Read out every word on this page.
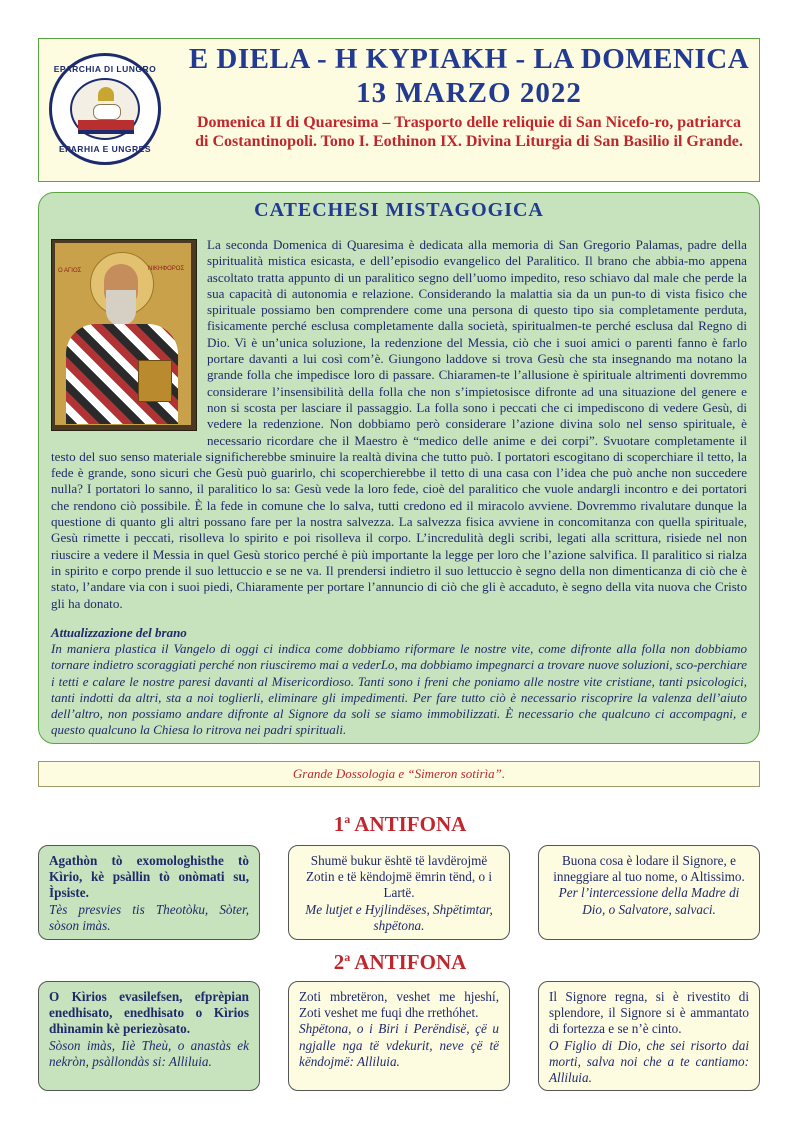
EPARCHIA DI LUNGRO
EPARHIA E UNGRES
E DIELA - Η ΚΥΡΙΑΚΗ - LA DOMENICA
13 MARZO 2022
Domenica II di Quaresima – Trasporto delle reliquie di San Nicefo-ro, patriarca di Costantinopoli. Tono I. Eothinon IX. Divina Liturgia di San Basilio il Grande.
CATECHESI MISTAGOGICA

La seconda Domenica di Quaresima è dedicata alla memoria di San Gregorio Palamas, padre della spiritualità mistica esicasta, e dell’episodio evangelico del Paralitico. Il brano che abbia-mo appena ascoltato tratta appunto di un paralitico segno dell’uomo impedito, reso schiavo dal male che perde la sua capacità di autonomia e relazione. Considerando la malattia sia da un pun-to di vista fisico che spirituale possiamo ben comprendere come una persona di questo tipo sia completamente perduta, fisicamente perché esclusa completamente dalla società, spiritualmen-te perché esclusa dal Regno di Dio. Vi è un’unica soluzione, la redenzione del Messia, ciò che i suoi amici o parenti fanno è farlo portare davanti a lui così com’è. Giungono laddove si trova Gesù che sta insegnando ma notano la grande folla che impedisce loro di passare. Chiaramen-te l’allusione è spirituale altrimenti dovremmo considerare l’insensibilità della folla che non s’impietosisce difronte ad una situazione del genere e non si scosta per lasciare il passaggio. La folla sono i peccati che ci impediscono di vedere Gesù, di vedere la redenzione. Non dobbiamo però considerare l’azione divina solo nel senso spirituale, è necessario ricordare che il Maestro è “medico delle anime e dei corpi”. Svuotare completamente il testo del suo senso materiale significherebbe sminuire la realtà divina che tutto può. I portatori escogitano di scoperchiare il tetto, la fede è grande, sono sicuri che Gesù può guarirlo, chi scoperchierebbe il tetto di una casa con l’idea che può anche non succedere nulla? I portatori lo sanno, il paralitico lo sa: Gesù vede la loro fede, cioè del paralitico che vuole andargli incontro e dei portatori che rendono ciò possibile. È la fede in comune che lo salva, tutti credono ed il miracolo avviene. Dovremmo rivalutare dunque la questione di quanto gli altri possano fare per la nostra salvezza. La salvezza fisica avviene in concomitanza con quella spirituale, Gesù rimette i peccati, risolleva lo spirito e poi risolleva il corpo. L’incredulità degli scribi, legati alla scrittura, risiede nel non riuscire a vedere il Messia in quel Gesù storico perché è più importante la legge per loro che l’azione salvifica. Il paralitico si rialza in spirito e corpo prende il suo lettuccio e se ne va. Il prendersi indietro il suo lettuccio è segno della non dimenticanza di ciò che è stato, l’andare via con i suoi piedi, Chiaramente per portare l’annuncio di ciò che gli è accaduto, è segno della vita nuova che Cristo gli ha donato.

Ο ΑΓΙΟΣ	ΝΙΚΗΦΟΡΟΣ
Attualizzazione del brano

In maniera plastica il Vangelo di oggi ci indica come dobbiamo riformare le nostre vite, come difronte alla folla non dobbiamo tornare indietro scoraggiati perché non riusciremo mai a vederLo, ma dobbiamo impegnarci a trovare nuove soluzioni, sco-perchiare i tetti e calare le nostre paresi davanti al Misericordioso. Tanti sono i freni che poniamo alle nostre vite cristiane, tanti psicologici, tanti indotti da altri, sta a noi toglierli, eliminare gli impedimenti. Per fare tutto ciò è necessario riscoprire la valenza dell’aiuto dell’altro, non possiamo andare difronte al Signore da soli se siamo immobilizzati. È necessario che qualcuno ci accompagni, e questo qualcuno la Chiesa lo ritrova nei padri spirituali.

Grande Dossologia e “Simeron sotirìa”.
1$^a$ ANTIFONA

Agathòn tò exomologhisthe tò Kìrio, kè psàllin tò onòmati su, Ìpsiste.

Tès presvies tis Theotòku, Sòter, sòson imàs.

Shumë bukur është të lavdërojmë Zotin e të këndojmë ëmrin tënd, o i Lartë.

Me lutjet e Hyjlindëses, Shpëtimtar, shpëtona.

Buona cosa è lodare il Signore, e inneggiare al tuo nome, o Altissimo.

Per l’intercessione della Madre di Dio, o Salvatore, salvaci.

2$^a$ ANTIFONA

O Kìrios evasilefsen, efprèpian enedhisato, enedhisato o Kìrios dhìnamin kè periezòsato.

Sòson imàs, Iiè Theù, o anastàs ek nekròn, psàllondàs si: Alliluia.

Zoti mbretëron, veshet me hjeshí, Zoti veshet me fuqi dhe rrethóhet.

Shpëtona, o i Biri i Perëndisë, çë u ngjalle nga të vdekurit, neve çë të këndojmë: Alliluia.

Il Signore regna, si è rivestito di splendore, il Signore si è ammantato di fortezza e se n’è cinto.

O Figlio di Dio, che sei risorto dai morti, salva noi che a te cantiamo: Alliluia.
